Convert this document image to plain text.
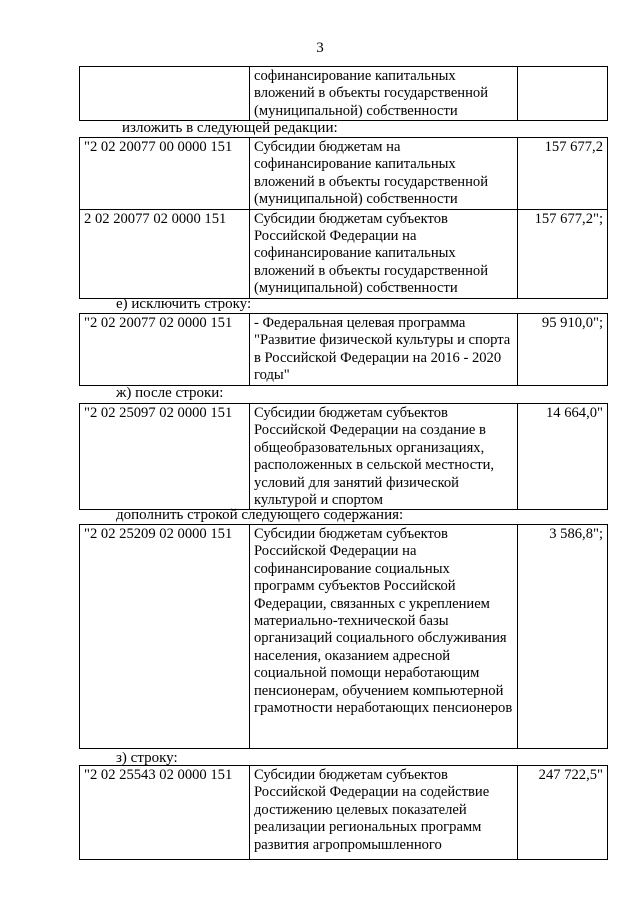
3
	софинансирование капитальных вложений в объекты государственной (муниципальной) собственности	
изложить в следующей редакции:
"2 02 20077 00 0000 151	Субсидии бюджетам на софинансирование капитальных вложений в объекты государственной (муниципальной) собственности	157 677,2
2 02 20077 02 0000 151	Субсидии бюджетам субъектов Российской Федерации на софинансирование капитальных вложений в объекты государственной (муниципальной) собственности	157 677,2";
е) исключить строку:
"2 02 20077 02 0000 151	- Федеральная целевая программа "Развитие физической культуры и спорта в Российской Федерации на 2016 - 2020 годы"	95 910,0";
ж) после строки:
"2 02 25097 02 0000 151	Субсидии бюджетам субъектов Российской Федерации на создание в общеобразовательных организациях, расположенных в сельской местности, условий для занятий физической культурой и спортом	14 664,0"
дополнить строкой следующего содержания:
"2 02 25209 02 0000 151	Субсидии бюджетам субъектов Российской Федерации на софинансирование социальных программ субъектов Российской Федерации, связанных с укреплением материально-технической базы организаций социального обслуживания населения, оказанием адресной социальной помощи неработающим пенсионерам, обучением компьютерной грамотности неработающих пенсионеров	3 586,8";
з) строку:
"2 02 25543 02 0000 151	Субсидии бюджетам субъектов Российской Федерации на содействие достижению целевых показателей реализации региональных программ развития агропромышленного	247 722,5"
